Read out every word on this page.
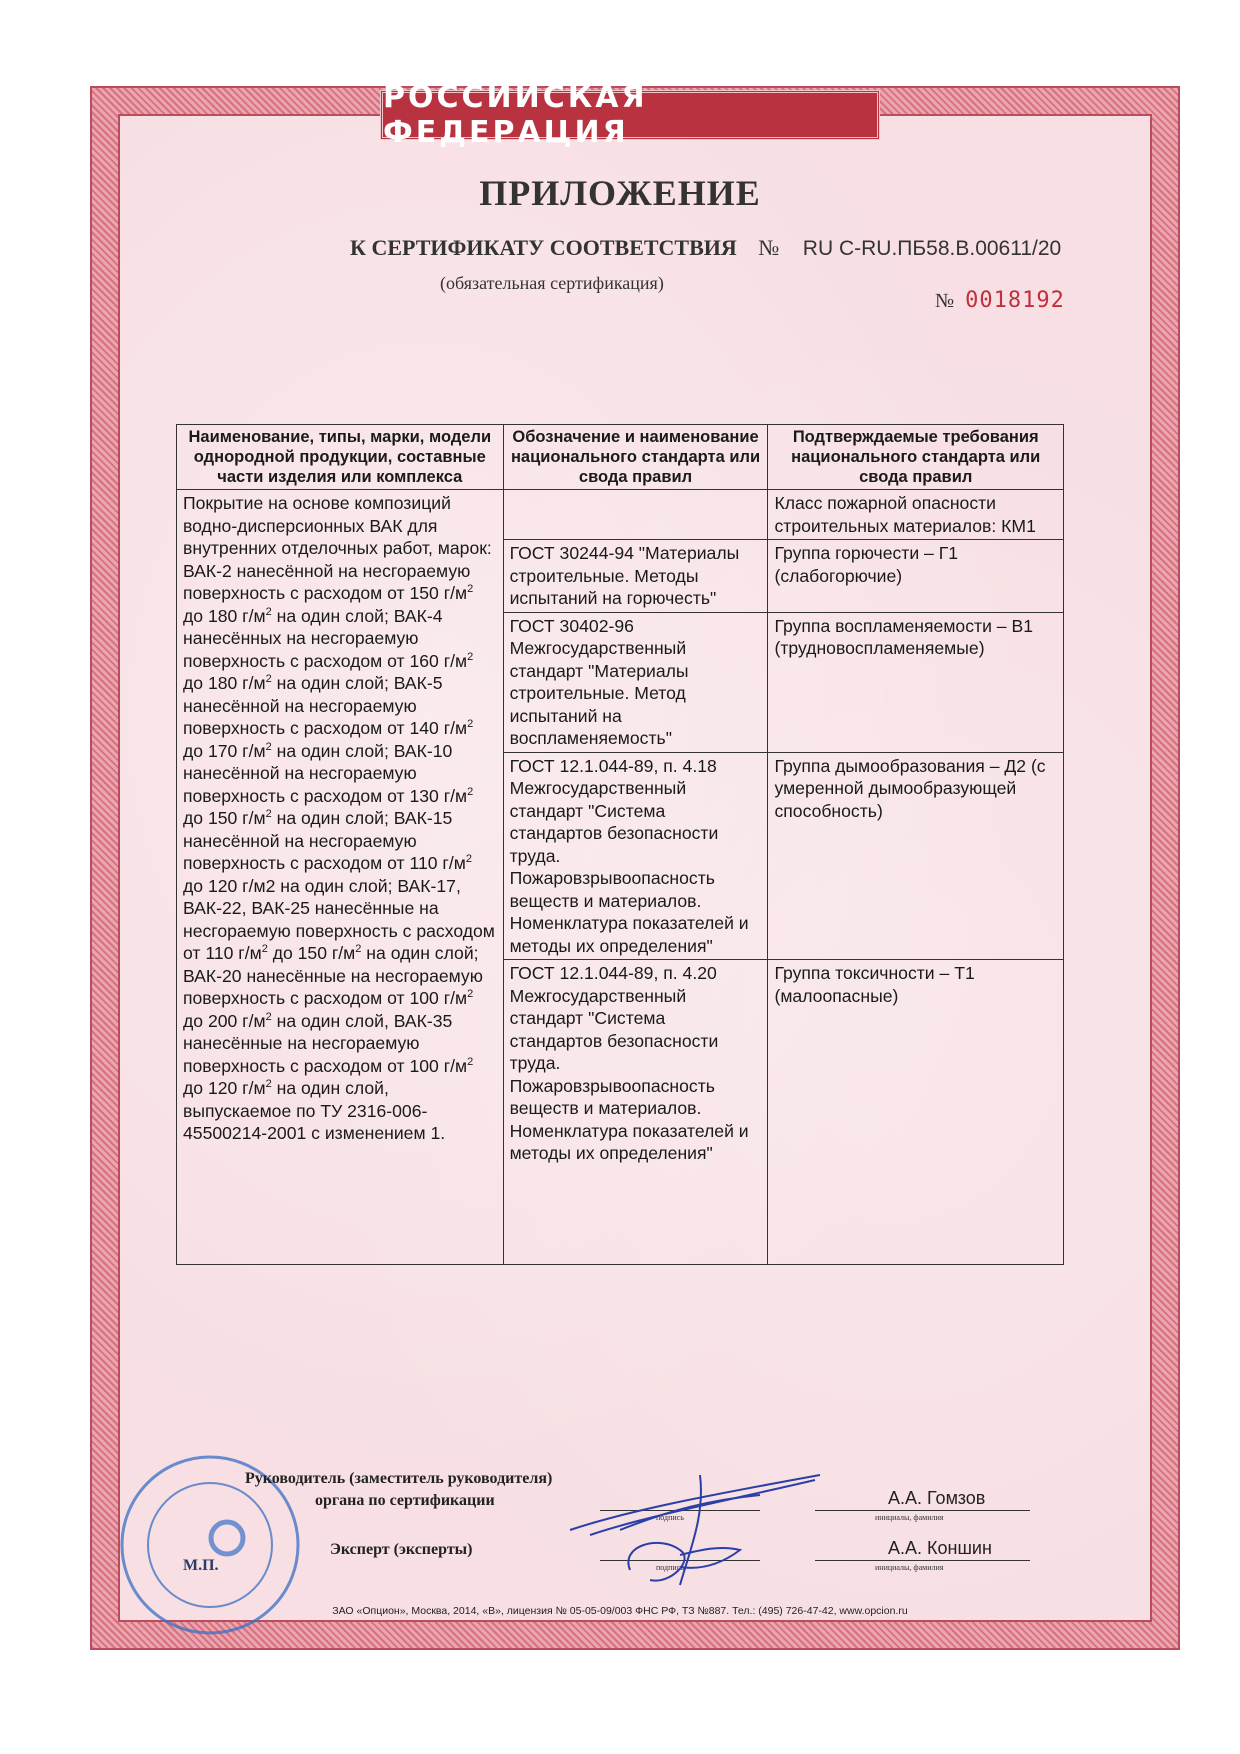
РОССИЙСКАЯ ФЕДЕРАЦИЯ
ПРИЛОЖЕНИЕ
К СЕРТИФИКАТУ СООТВЕТСТВИЯ № RU C-RU.ПБ58.В.00611/20
(обязательная сертификация)
№ 0018192
Наименование, типы, марки, модели однородной продукции, составные части изделия или комплекса	Обозначение и наименование национального стандарта или свода правил	Подтверждаемые требования национального стандарта или свода правил
Покрытие на основе композиций водно-дисперсионных ВАК для внутренних отделочных работ, марок: ВАК-2 нанесённой на несгораемую поверхность с расходом от 150 $г/м^2$ до 180 $г/м^2$ на один слой; ВАК-4 нанесённых на несгораемую поверхность с расходом от 160 $г/м^2$ до 180 $г/м^2$ на один слой; ВАК-5 нанесённой на несгораемую поверхность с расходом от 140 $г/м^2$ до 170 $г/м^2$ на один слой; ВАК-10 нанесённой на несгораемую поверхность с расходом от 130 $г/м^2$ до 150 $г/м^2$ на один слой; ВАК-15 нанесённой на несгораемую поверхность с расходом от 110 $г/м^2$ до 120 г/м2 на один слой; ВАК-17, ВАК-22, ВАК-25 нанесённые на несгораемую поверхность с расходом от 110 $г/м^2$ до 150 $г/м^2$ на один слой; ВАК-20 нанесённые на несгораемую поверхность с расходом от 100 $г/м^2$ до 200 $г/м^2$ на один слой, ВАК-35 нанесённые на несгораемую поверхность с расходом от 100 $г/м^2$ до 120 $г/м^2$ на один слой, выпускаемое по ТУ 2316-006-45500214-2001 с изменением 1.		Класс пожарной опасности строительных материалов: КМ1
	ГОСТ 30244-94 "Материалы строительные. Методы испытаний на горючесть"	Группа горючести – Г1 (слабогорючие)
	ГОСТ 30402-96 Межгосударственный стандарт "Материалы строительные. Метод испытаний на воспламеняемость"	Группа воспламеняемости – В1 (трудновоспламеняемые)
	ГОСТ 12.1.044-89, п. 4.18 Межгосударственный стандарт "Система стандартов безопасности труда. Пожаровзрывоопасность веществ и материалов. Номенклатура показателей и методы их определения"	Группа дымообразования – Д2 (с умеренной дымообразующей способность)
	ГОСТ 12.1.044-89, п. 4.20 Межгосударственный стандарт "Система стандартов безопасности труда. Пожаровзрывоопасность веществ и материалов. Номенклатура показателей и методы их определения"	Группа токсичности – Т1 (малоопасные)
М.П.
Руководитель (заместитель руководителя)
органа по сертификации
Эксперт (эксперты)
подпись
подпись
А.А. Гомзов
инициалы, фамилия
А.А. Коншин
инициалы, фамилия
ЗАО «Опцион», Москва, 2014, «В», лицензия № 05-05-09/003 ФНС РФ, ТЗ №887. Тел.: (495) 726-47-42, www.opcion.ru
